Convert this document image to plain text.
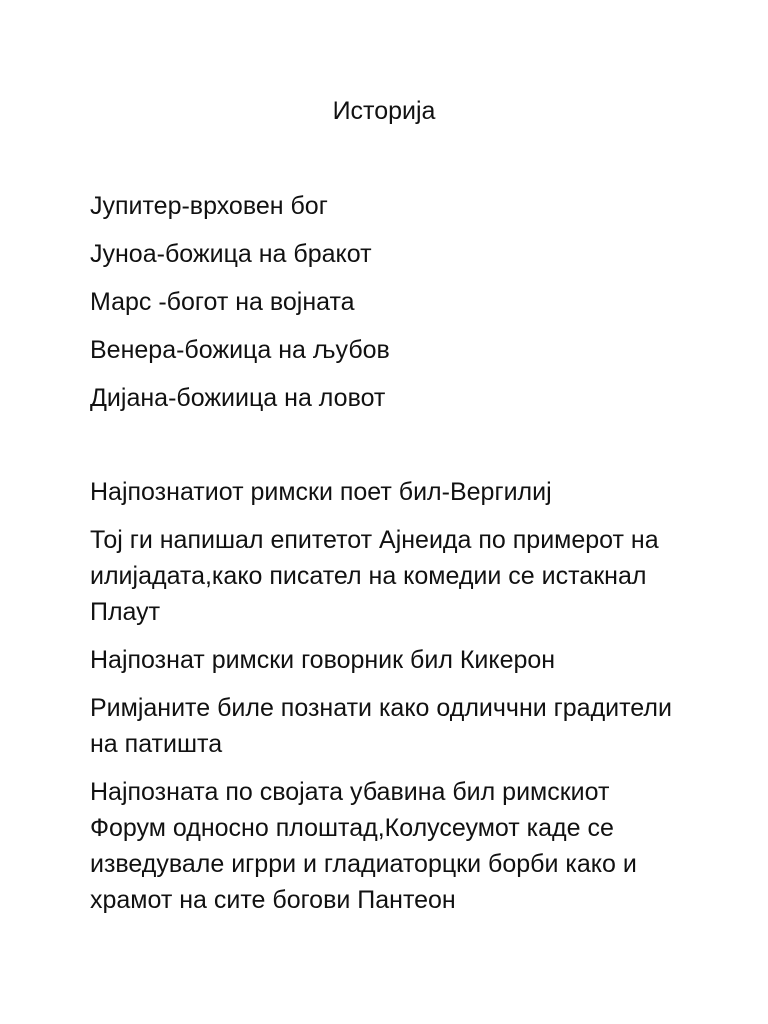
Историја

Јупитер-врховен бог

Јуноа-божица на бракот

Марс -богот на војната

Венера-божица на љубов

Дијана-божиица на ловот

Најпознатиот римски поет бил-Вергилиј

Тој ги напишал епитетот Ајнеида по примерот на илијадата,како писател на комедии се истакнал Плаут

Најпознат римски говорник бил Кикерон

Римјаните биле познати како одличчни градители на патишта

Најпозната по својата убавина бил римскиот Форум односно плоштад,Колусеумот каде се изведувале игрри и гладиаторцки борби како и храмот на сите богови Пантеон
